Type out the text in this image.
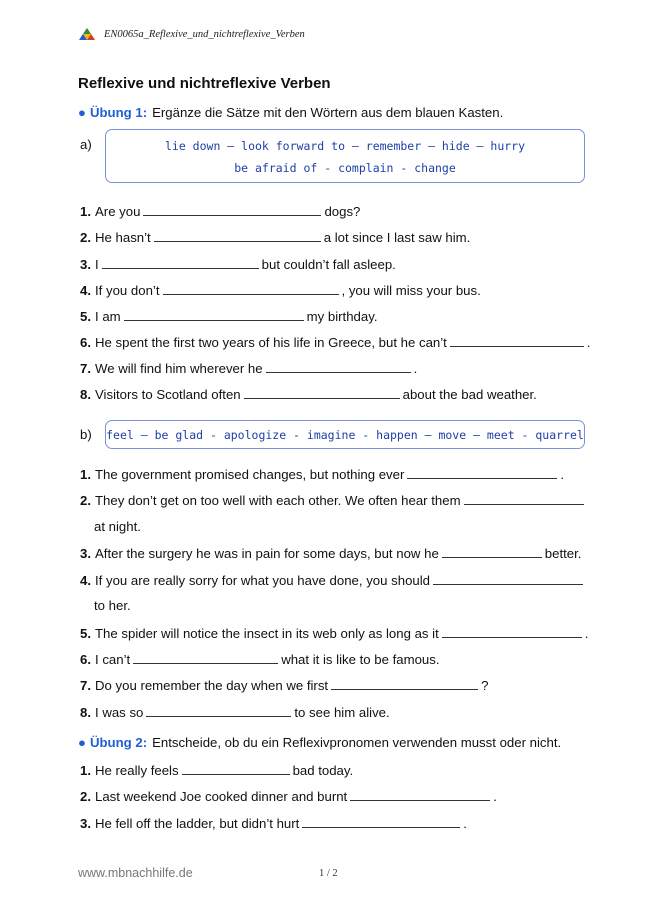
EN0065a_Reflexive_und_nichtreflexive_Verben
Reflexive und nichtreflexive Verben
● Übung 1: Ergänze die Sätze mit den Wörtern aus dem blauen Kasten.
a)	lie down – look forward to – remember – hide – hurry
be afraid of - complain - change
1. Are you	dogs?
2. He hasn’t	a lot since I last saw him.
3. I	but couldn’t fall asleep.
4. If you don’t	, you will miss your bus.
5. I am	my birthday.
6. He spent the first two years of his life in Greece, but he can’t	.
7. We will find him wherever he	.
8. Visitors to Scotland often	about the bad weather.
b) feel – be glad - apologize - imagine - happen – move – meet - quarrel
1. The government promised changes, but nothing ever	.
2. They don’t get on too well with each other. We often hear them
at night.
3. After the surgery he was in pain for some days, but now he	better.
4. If you are really sorry for what you have done, you should
to her.
5. The spider will notice the insect in its web only as long as it	.
6. I can’t	what it is like to be famous.
7. Do you remember the day when we first	?
8. I was so	to see him alive.
● Übung 2: Entscheide, ob du ein Reflexivpronomen verwenden musst oder nicht.
1. He really feels	bad today.
2. Last weekend Joe cooked dinner and burnt	.
3. He fell off the ladder, but didn’t hurt	.
www.mbnachhilfe.de	1 / 2
